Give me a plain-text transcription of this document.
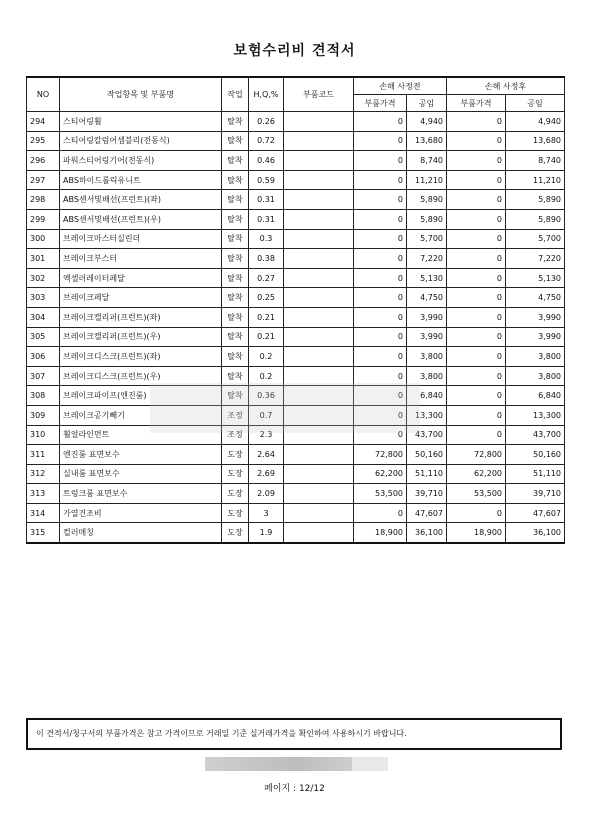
보험수리비 견적서
NO	작업항목 및 부품명	작업	H,Q,%	부품코드	손해 사정전		손해 사정후	
					부품가격	공임	부품가격	공임
294	스티어링휠	탈착	0.26		0	4,940	0	4,940
295	스티어링칼럼어셈블리(전동식)	탈착	0.72		0	13,680	0	13,680
296	파워스티어링기어(전동식)	탈착	0.46		0	8,740	0	8,740
297	ABS하이드롤릭유니트	탈착	0.59		0	11,210	0	11,210
298	ABS센서및배선(프런트)(좌)	탈착	0.31		0	5,890	0	5,890
299	ABS센서및배선(프런트)(우)	탈착	0.31		0	5,890	0	5,890
300	브레이크마스터실린더	탈착	0.3		0	5,700	0	5,700
301	브레이크부스터	탈착	0.38		0	7,220	0	7,220
302	엑셀러레이터페달	탈착	0.27		0	5,130	0	5,130
303	브레이크페달	탈착	0.25		0	4,750	0	4,750
304	브레이크캘리퍼(프런트)(좌)	탈착	0.21		0	3,990	0	3,990
305	브레이크캘리퍼(프런트)(우)	탈착	0.21		0	3,990	0	3,990
306	브레이크디스크(프런트)(좌)	탈착	0.2		0	3,800	0	3,800
307	브레이크디스크(프런트)(우)	탈착	0.2		0	3,800	0	3,800
308	브레이크파이프(엔진룸)	탈착	0.36		0	6,840	0	6,840
309	브레이크공기빼기	조정	0.7		0	13,300	0	13,300
310	휠얼라인먼트	조정	2.3		0	43,700	0	43,700
311	엔진룸 표면보수	도장	2.64		72,800	50,160	72,800	50,160
312	실내룸 표면보수	도장	2.69		62,200	51,110	62,200	51,110
313	트렁크룸 표면보수	도장	2.09		53,500	39,710	53,500	39,710
314	가열건조비	도장	3		0	47,607	0	47,607
315	컬러매칭	도장	1.9		18,900	36,100	18,900	36,100
이 견적서/청구서의 부품가격은 참고 가격이므로 거래일 기준 실거래가격을 확인하여 사용하시기 바랍니다.
페이지 : 12/12
